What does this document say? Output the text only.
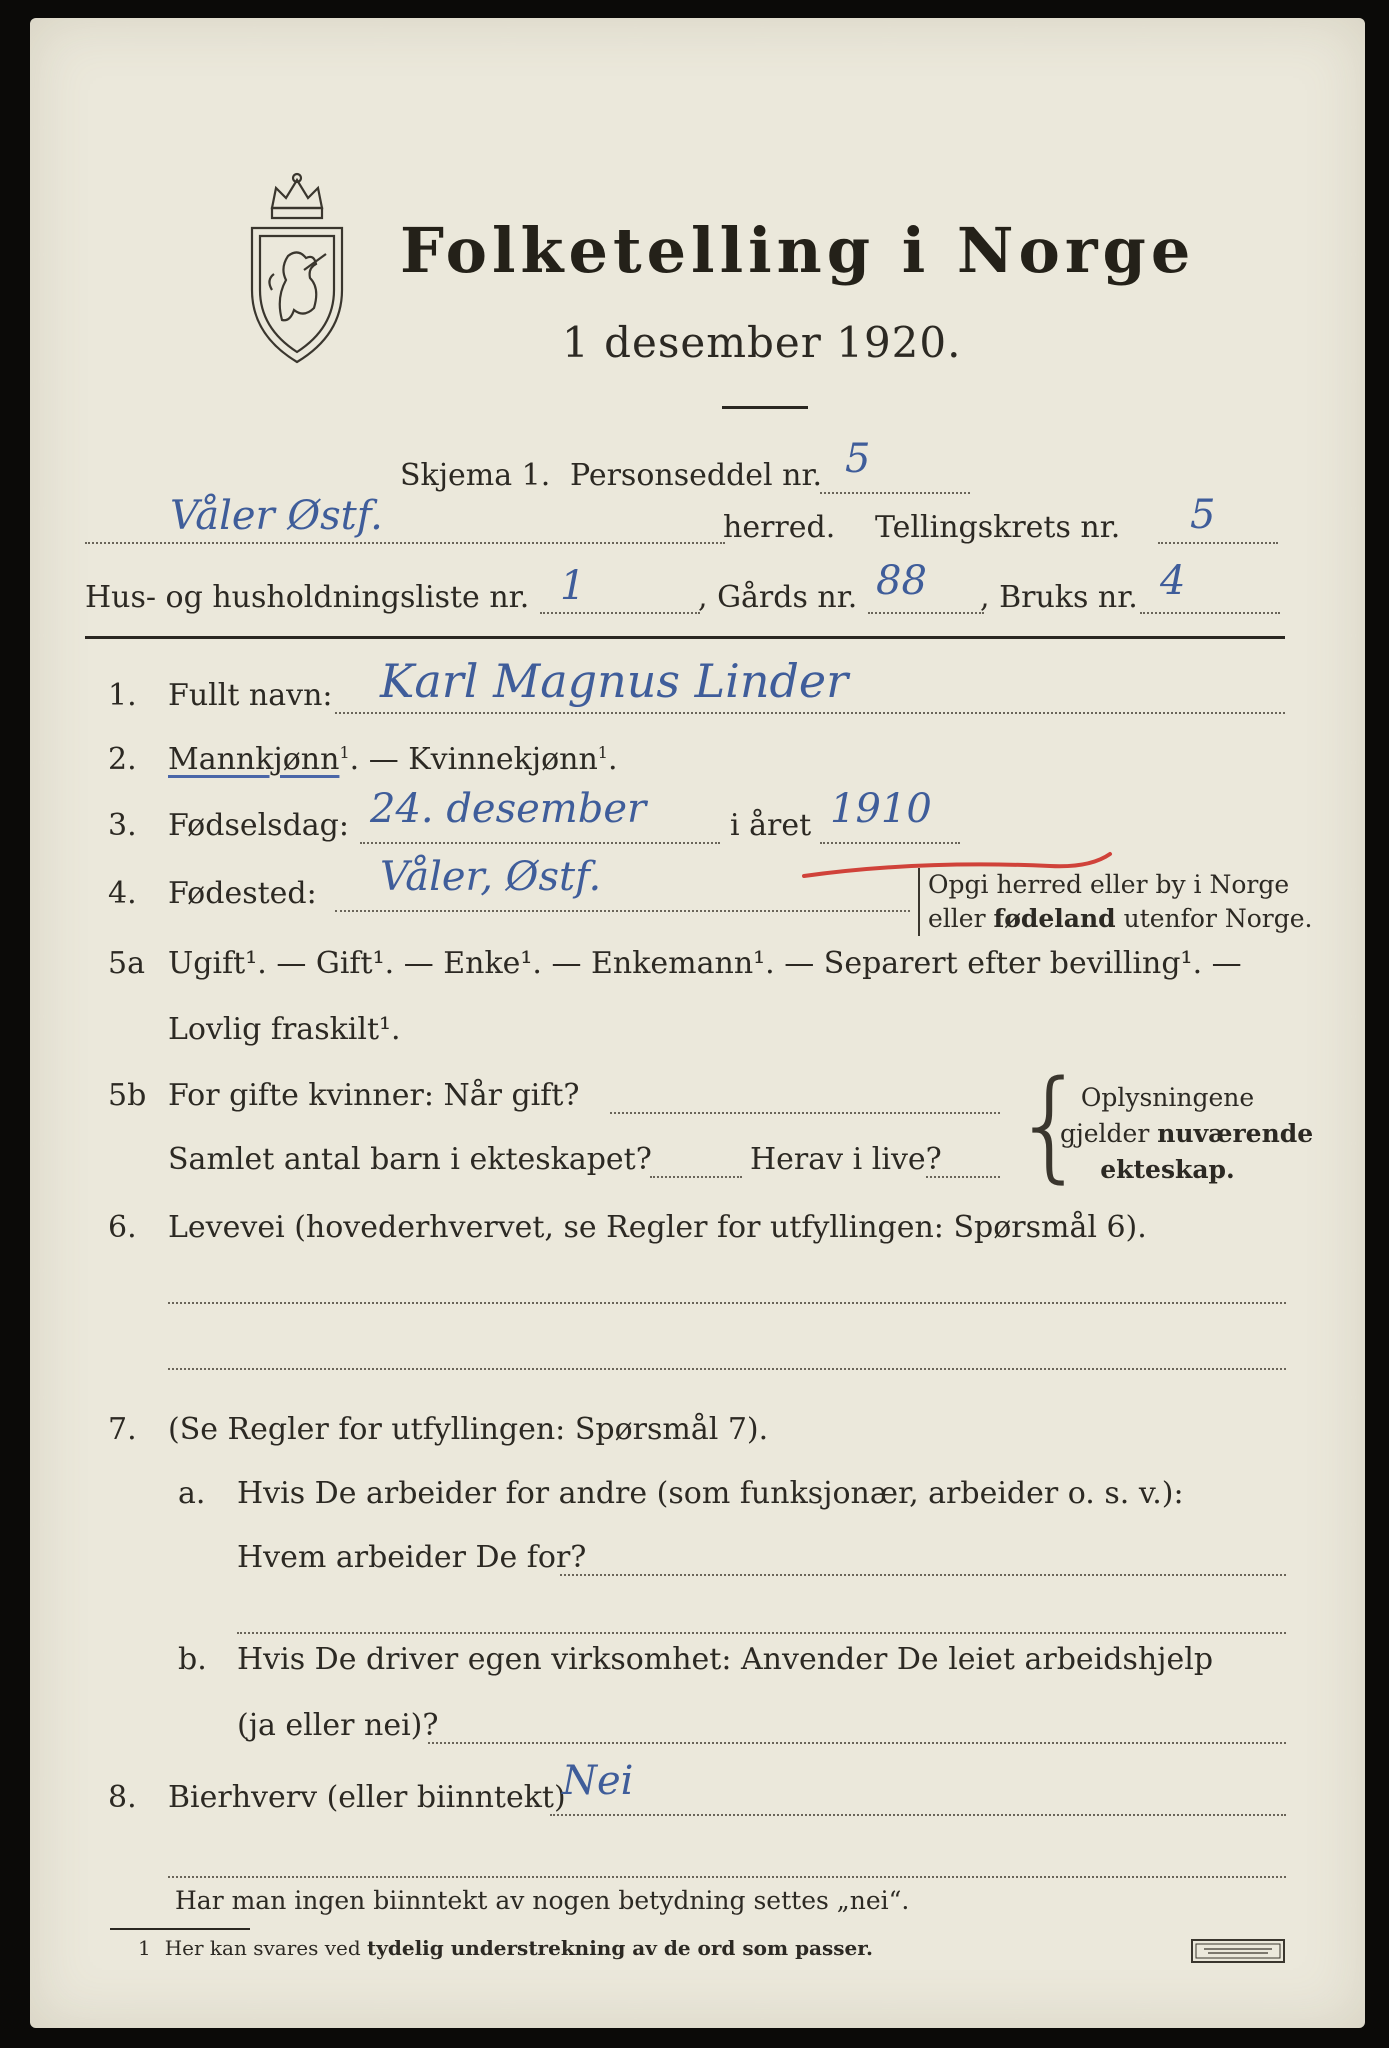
Folketelling i Norge
1 desember 1920.
Skjema 1. Personseddel nr. 5
Våler Østf.	herred. Tellingskrets nr. 5
Hus- og husholdningsliste nr. 1	, Gårds nr. 88 , Bruks nr. 4
1. Fullt navn: Karl Magnus Linder
2. Mannkjønn$^1$. — Kvinnekjønn$^1$.
3. Fødselsdag: 24. desember	i året 1910
4. Fødested: Våler, Østf.	Opgi herred eller by i Norge
eller fødeland utenfor Norge.
5a Ugift¹. — Gift¹. — Enke¹. — Enkemann¹. — Separert efter bevilling¹. —
Lovlig fraskilt¹.
5b For gifte kvinner: Når gift?
Samlet antal barn i ekteskapet?	Herav i live? {
Oplysningene
gjelder nuværende
ekteskap.
6. Levevei (hovederhvervet, se Regler for utfyllingen: Spørsmål 6).
7. (Se Regler for utfyllingen: Spørsmål 7).
a. Hvis De arbeider for andre (som funksjonær, arbeider o. s. v.):
Hvem arbeider De for?
b. Hvis De driver egen virksomhet: Anvender De leiet arbeidshjelp
(ja eller nei)?
8. Bierhverv (eller biinntekt)
Nei
Har man ingen biinntekt av nogen betydning settes „nei“.
1 Her kan svares ved tydelig understrekning av de ord som passer.
